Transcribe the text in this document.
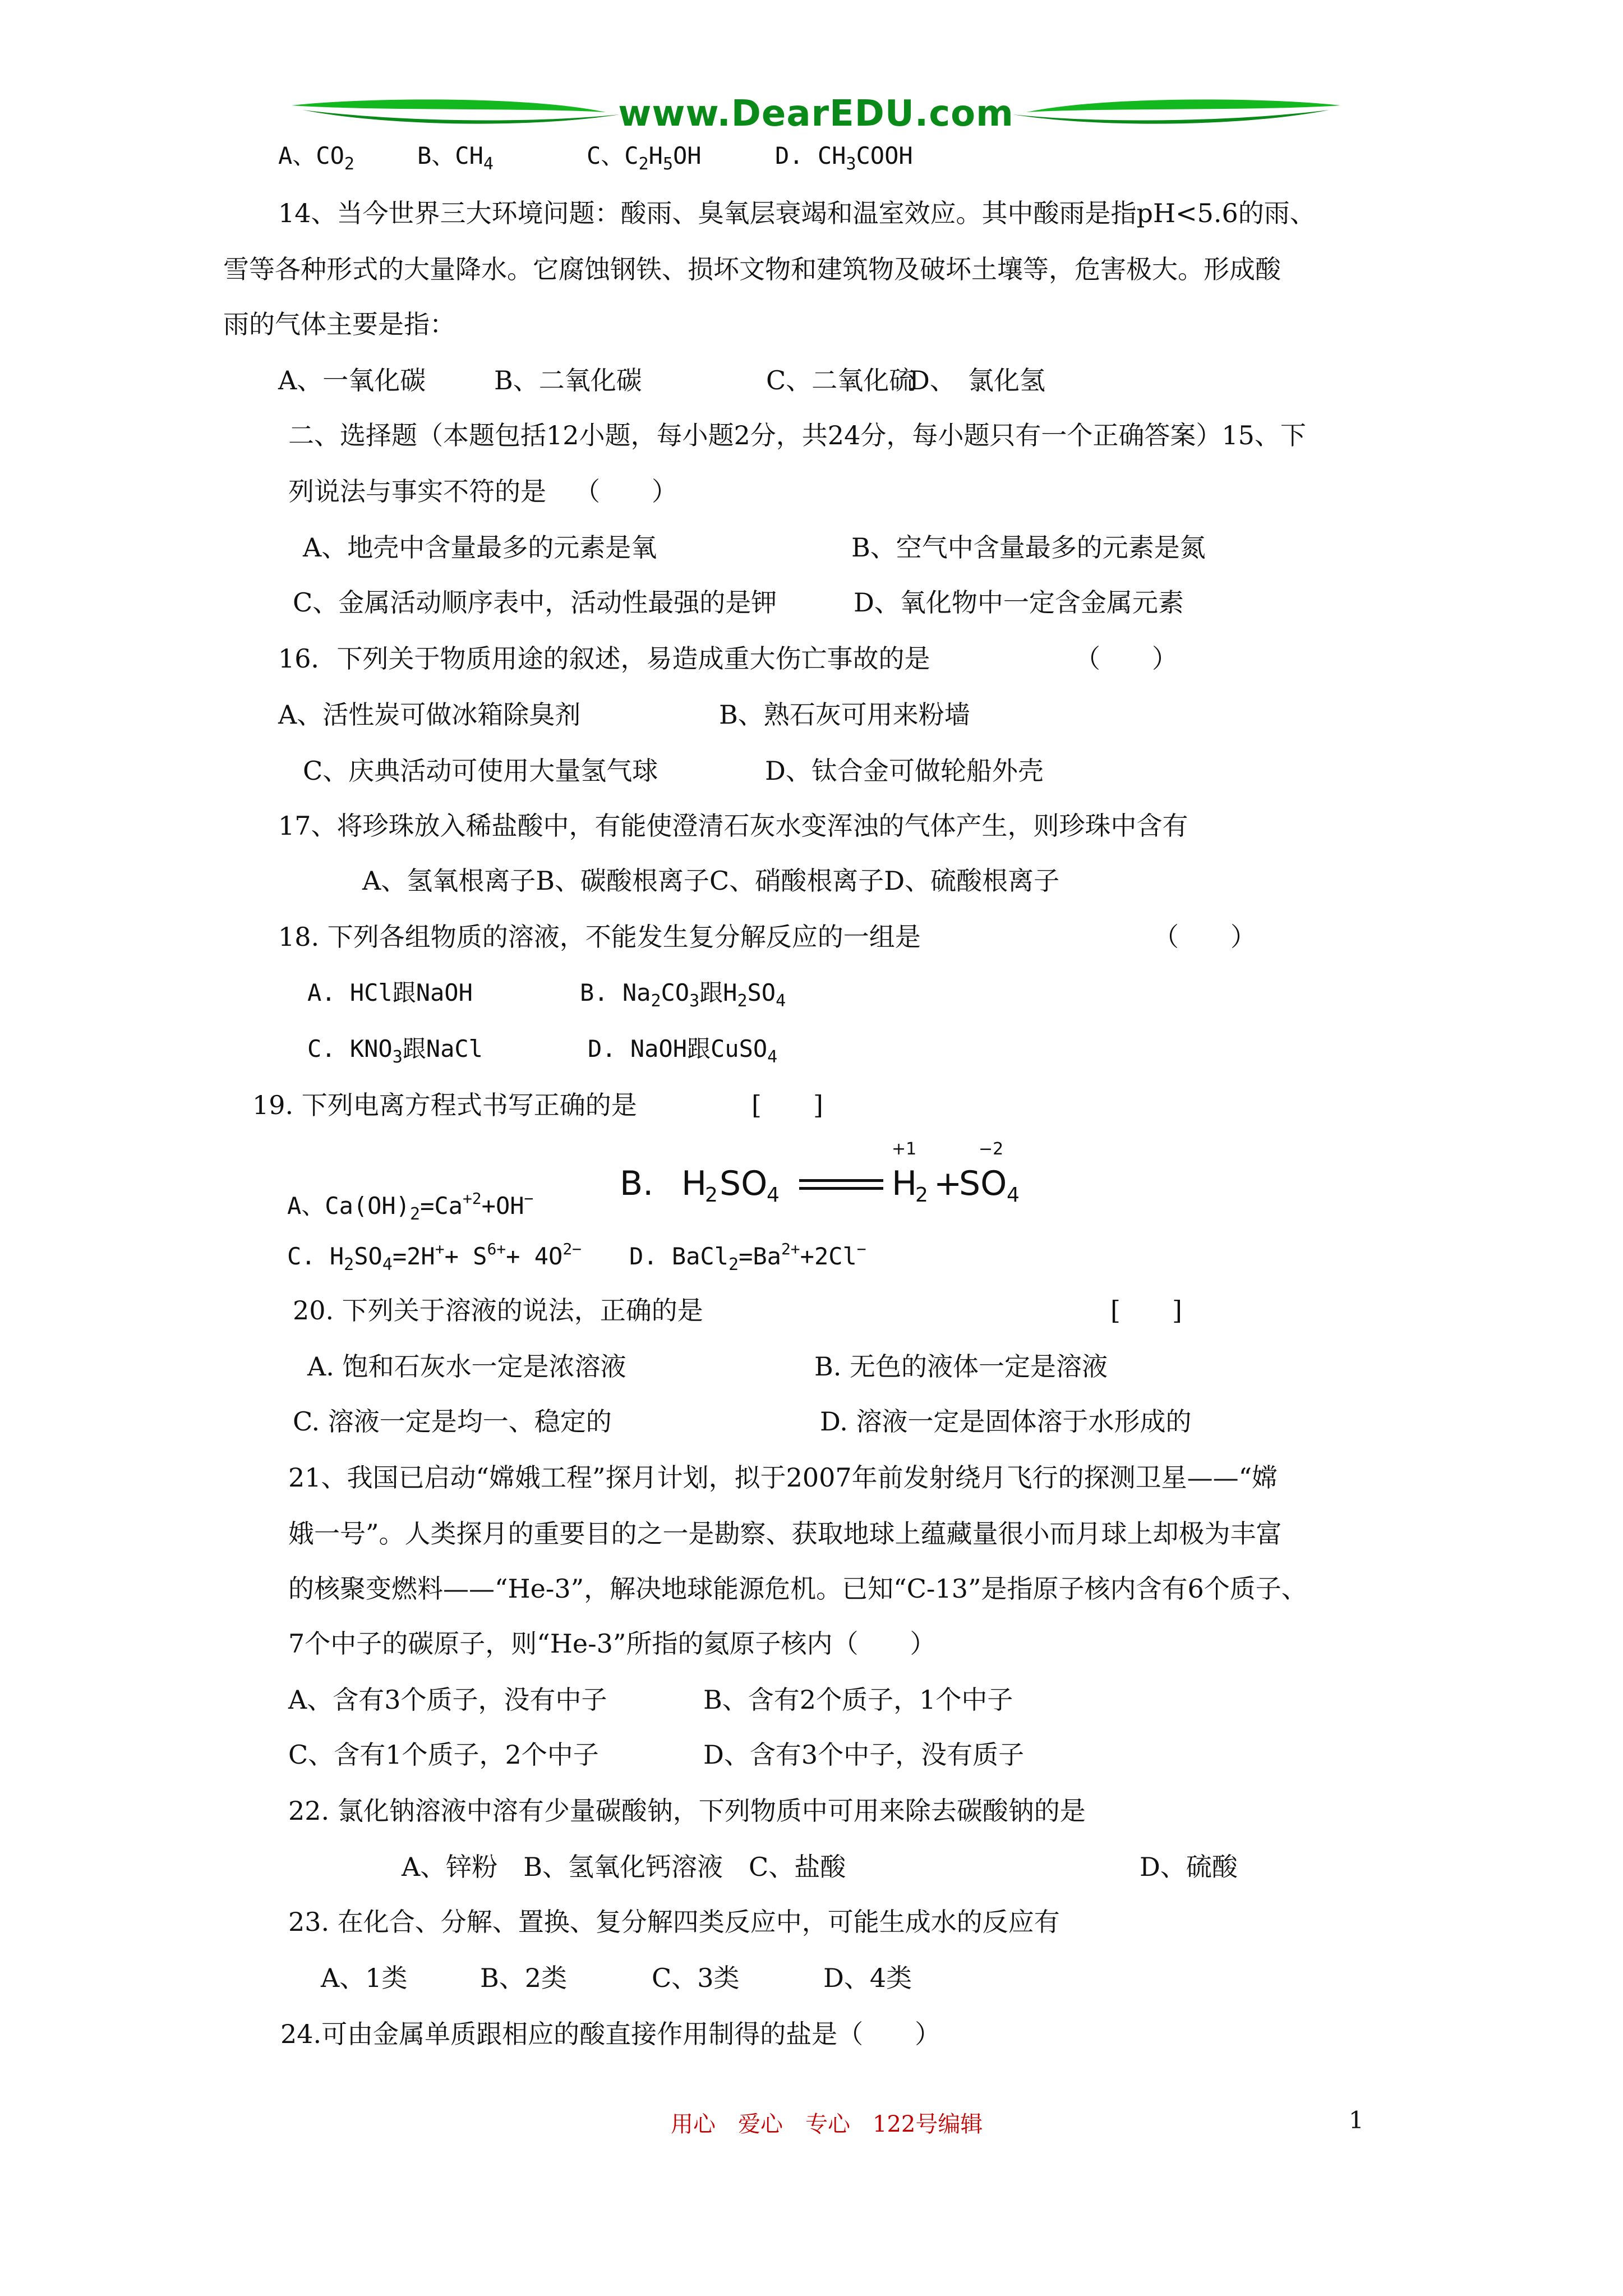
www.DearEDU.com
A、$CO_2$	B、$CH_4$	C、$C_2H_5OH$	D. $CH_3COOH$
14、当今世界三大环境问题：酸雨、臭氧层衰竭和温室效应。其中酸雨是指pH<5.6的雨、
雪等各种形式的大量降水。它腐蚀钢铁、损坏文物和建筑物及破坏土壤等，危害极大。形成酸
雨的气体主要是指：
A、一氧化碳	B、二氧化碳	C、二氧化硫
D、 氯化氢
二、选择题（本题包括12小题，每小题2分，共24分，每小题只有一个正确答案）15、下
列说法与事实不符的是 （　　）
A、地壳中含量最多的元素是氧	B、空气中含量最多的元素是氮
C、金属活动顺序表中，活动性最强的是钾	D、氧化物中一定含金属元素
16．下列关于物质用途的叙述，易造成重大伤亡事故的是	（　　）
A、活性炭可做冰箱除臭剂	B、熟石灰可用来粉墙
C、庆典活动可使用大量氢气球	D、钛合金可做轮船外壳
17、将珍珠放入稀盐酸中，有能使澄清石灰水变浑浊的气体产生，则珍珠中含有
A、氢氧根离子B、碳酸根离子C、硝酸根离子D、硫酸根离子
18. 下列各组物质的溶液，不能发生复分解反应的一组是	（　　）
A. HCl跟NaOH	B. $Na_2CO_3$跟$H_2SO_4$
C. $KNO_3$跟NaCl	D. NaOH跟CuSO$_4$
19. 下列电离方程式书写正确的是	[　　]
A、$Ca(OH)_2=Ca^{+2}+OH^-$	B. H
2 SO
4
+1
H
2 +
−2
SO 4
C. $H_2SO_4=2H^++ S^{6+}+ 4O^{2-}$ D. $BaCl_2=Ba^{2+}+2Cl^-$
20. 下列关于溶液的说法，正确的是	[　　]
A. 饱和石灰水一定是浓溶液	B. 无色的液体一定是溶液
C. 溶液一定是均一、稳定的	D. 溶液一定是固体溶于水形成的
21、我国已启动“嫦娥工程”探月计划，拟于2007年前发射绕月飞行的探测卫星——“嫦
娥一号”。人类探月的重要目的之一是勘察、获取地球上蕴藏量很小而月球上却极为丰富
的核聚变燃料——“He-3”，解决地球能源危机。已知“C-13”是指原子核内含有6个质子、
7个中子的碳原子，则“He-3”所指的氦原子核内（　　）
A、含有3个质子，没有中子	B、含有2个质子，1个中子
C、含有1个质子，2个中子	D、含有3个中子，没有质子
22. 氯化钠溶液中溶有少量碳酸钠，下列物质中可用来除去碳酸钠的是
A、锌粉　B、氢氧化钙溶液　C、盐酸	D、硫酸
23. 在化合、分解、置换、复分解四类反应中，可能生成水的反应有
A、1类	B、2类	C、3类	D、4类
24.可由金属单质跟相应的酸直接作用制得的盐是（　　）
用心　爱心　专心　122号编辑	1
